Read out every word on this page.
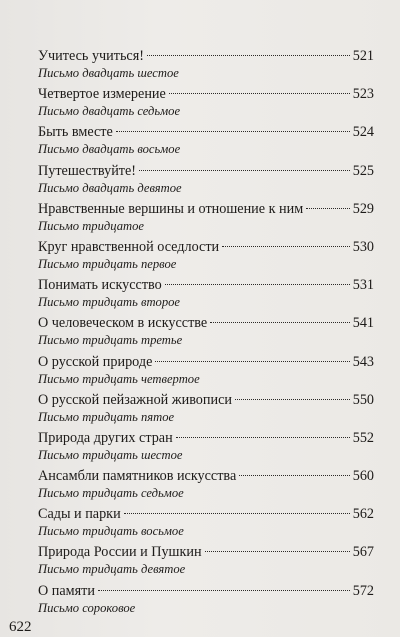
Учитесь учиться!	521
Письмо двадцать шестое
Четвертое измерение	523
Письмо двадцать седьмое
Быть вместе	524
Письмо двадцать восьмое
Путешествуйте!	525
Письмо двадцать девятое
Нравственные вершины и отношение к ним	529
Письмо тридцатое
Круг нравственной оседлости	530
Письмо тридцать первое
Понимать искусство	531
Письмо тридцать второе
О человеческом в искусстве	541
Письмо тридцать третье
О русской природе	543
Письмо тридцать четвертое
О русской пейзажной живописи	550
Письмо тридцать пятое
Природа других стран	552
Письмо тридцать шестое
Ансамбли памятников искусства	560
Письмо тридцать седьмое
Сады и парки	562
Письмо тридцать восьмое
Природа России и Пушкин	567
Письмо тридцать девятое
О памяти	572
Письмо сороковое
622
